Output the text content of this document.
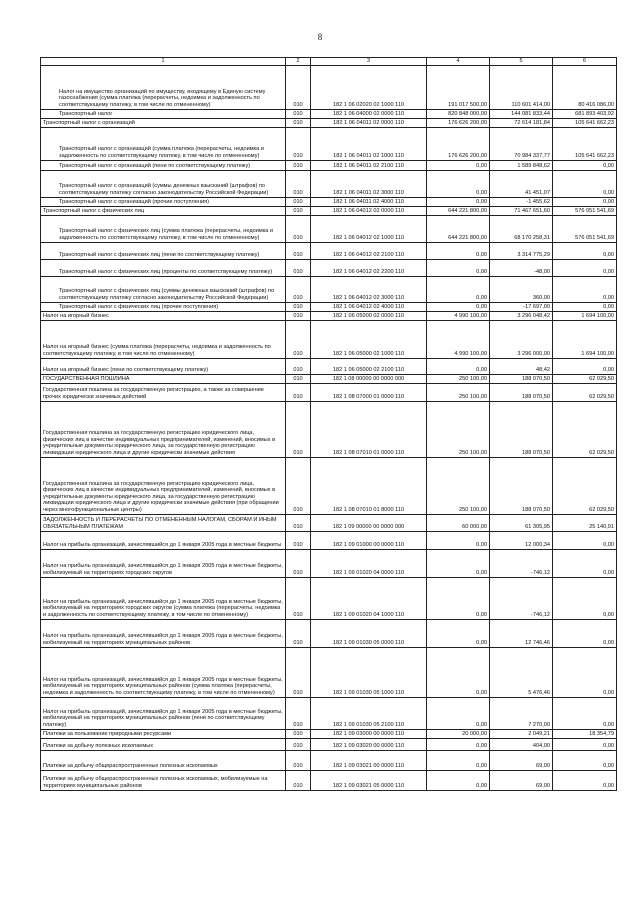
8
1	2	3	4	5	6
Налог на имущество организаций по имуществу, входящему в Единую систему газоснабжения (сумма платежа (перерасчеты, недоимка и задолженность по соответствующему платежу, в том числе по отмененному)	010	182 1 06 02020 02 1000 110	191 017 500,00	110 601 414,00	80 416 086,00
Транспортный налог	010	182 1 06 04000 02 0000 110	820 848 000,00	144 081 833,44	681 893 403,92
Транспортный налог с организаций	010	182 1 06 04011 02 0000 110	176 626 200,00	72 614 181,84	105 641 662,23
Транспортный налог с организаций (сумма платежа (перерасчеты, недоимка и задолженность по соответствующему платежу, в том числе по отмененному)	010	182 1 06 04011 02 1000 110	176 626 200,00	70 984 337,77	105 641 662,23
Транспортный налог с организаций (пени по соответствующему платежу)	010	182 1 06 04011 02 2100 110	0,00	1 589 848,62	0,00
Транспортный налог с организаций (суммы денежных взысканий (штрафов) по соответствующему платежу согласно законодательству Российской Федерации)	010	182 1 06 04011 02 3000 110	0,00	41 451,07	0,00
Транспортный налог с организаций (прочие поступления)	010	182 1 06 04011 02 4000 110	0,00	-1 455,62	0,00
Транспортный налог с физических лиц	010	182 1 06 04012 02 0000 110	644 221 800,00	71 467 651,60	576 051 541,69
Транспортный налог с физических лиц (сумма платежа (перерасчеты, недоимка и задолженность по соответствующему платежу, в том числе по отмененному)	010	182 1 06 04012 02 1000 110	644 221 800,00	68 170 258,31	576 051 541,69
Транспортный налог с физических лиц (пени по соответствующему платежу)	010	182 1 06 04012 02 2100 110	0,00	3 314 775,29	0,00
Транспортный налог с физических лиц (проценты по соответствующему платежу)	010	182 1 06 04012 02 2200 110	0,00	-48,00	0,00
Транспортный налог с физических лиц (суммы денежных взысканий (штрафов) по соответствующему платежу согласно законодательству Российской Федерации)	010	182 1 06 04012 02 3000 110	0,00	360,00	0,00
Транспортный налог с физических лиц (прочие поступления)	010	182 1 06 04012 02 4000 110	0,00	-17 697,00	0,00
Налог на игорный бизнес	010	182 1 06 05000 02 0000 110	4 990 100,00	3 296 048,42	1 694 100,00
Налог на игорный бизнес (сумма платежа (перерасчеты, недоимка и задолженность по соответствующему платежу, в том числе по отмененному)	010	182 1 06 05000 02 1000 110	4 990 100,00	3 296 000,00	1 694 100,00
Налог на игорный бизнес (пени по соответствующему платежу)	010	182 1 06 05000 02 2100 110	0,00	48,42	0,00
ГОСУДАРСТВЕННАЯ ПОШЛИНА	010	182 1 08 00000 00 0000 000	250 100,00	188 070,50	62 029,50
Государственная пошлина за государственную регистрацию, а также за совершение прочих юридически значимых действий	010	182 1 08 07000 01 0000 110	250 100,00	188 070,50	62 029,50
Государственная пошлина за государственную регистрацию юридического лица, физических лиц в качестве индивидуальных предпринимателей, изменений, вносимых в учредительные документы юридического лица, за государственную регистрацию ликвидации юридического лица и другие юридически значимые действия	010	182 1 08 07010 01 0000 110	250 100,00	188 070,50	62 029,50
Государственная пошлина за государственную регистрацию юридического лица, физических лиц в качестве индивидуальных предпринимателей, изменений, вносимых в учредительные документы юридического лица, за государственную регистрацию ликвидации юридического лица и другие юридически значимые действия (при обращении через многофункциональные центры)	010	182 1 08 07010 01 8000 110	250 100,00	188 070,50	62 029,50
ЗАДОЛЖЕННОСТЬ И ПЕРЕРАСЧЕТЫ ПО ОТМЕНЕННЫМ НАЛОГАМ, СБОРАМ И ИНЫМ ОБЯЗАТЕЛЬНЫМ ПЛАТЕЖАМ	010	182 1 09 00000 00 0000 000	60 000,00	61 305,95	25 140,91
Налог на прибыль организаций, зачислявшийся до 1 января 2005 года в местные бюджеты	010	182 1 09 01000 00 0000 110	0,00	12 000,34	0,00
Налог на прибыль организаций, зачислявшийся до 1 января 2005 года в местные бюджеты, мобилизуемый на территориях городских округов	010	182 1 09 01020 04 0000 110	0,00	-746,12	0,00
Налог на прибыль организаций, зачислявшийся до 1 января 2005 года в местные бюджеты, мобилизуемый на территориях городских округов (сумма платежа (перерасчеты, недоимка и задолженность по соответствующему платежу, в том числе по отмененному)	010	182 1 09 01020 04 1000 110	0,00	-746,12	0,00
Налог на прибыль организаций, зачислявшийся до 1 января 2005 года в местные бюджеты, мобилизуемый на территориях муниципальных районов	010	182 1 09 01030 05 0000 110	0,00	12 746,46	0,00
Налог на прибыль организаций, зачислявшийся до 1 января 2005 года в местные бюджеты, мобилизуемый на территориях муниципальных районов (сумма платежа (перерасчеты, недоимка и задолженность по соответствующему платежу, в том числе по отмененному)	010	182 1 09 01030 05 1000 110	0,00	5 476,46	0,00
Налог на прибыль организаций, зачислявшийся до 1 января 2005 года в местные бюджеты, мобилизуемый на территориях муниципальных районов (пени по соответствующему платежу)	010	182 1 09 01030 05 2100 110	0,00	7 270,00	0,00
Платежи за пользование природными ресурсами	010	182 1 09 03000 00 0000 110	20 000,00	2 049,21	18 354,79
Платежи за добычу полезных ископаемых	010	182 1 09 03020 00 0000 110	0,00	404,00	0,00
Платежи за добычу общераспространенных полезных ископаемых	010	182 1 09 03021 00 0000 110	0,00	69,00	0,00
Платежи за добычу общераспространенных полезных ископаемых, мобилизуемые на территориях муниципальных районов	010	182 1 09 03021 05 0000 110	0,00	69,00	0,00
